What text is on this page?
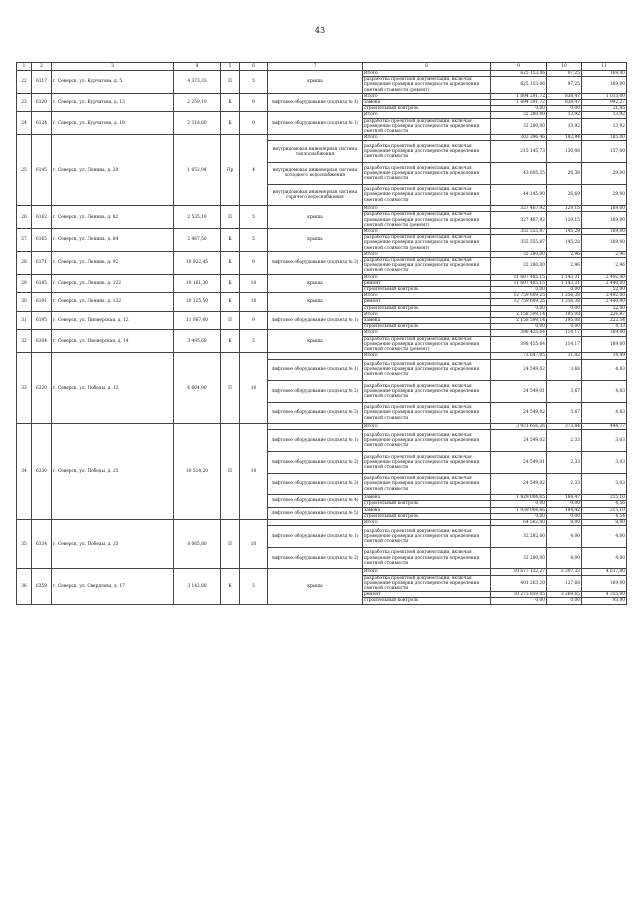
43
1	2	3	4	5	6	7	8	9	10	11
22	6117	г. Северск, ул. Курчатова, д. 5	4 373,33	П	5	крыша	Итого	625 153,06	97,25	169,00
							разработка проектной документации, включая проведение проверки достоверности определения сметной стоимости (ремонт)	625 153,06	97,25	169,00
23	6120	г. Северск, ул. Курчатова, д. 13	2 259,10	К	9	лифтовое оборудование (подъезд № 1)	Итого	1 894 291,72	838,47	1 015,00
							замена	1 894 291,72	838,47	992,27
							строительный контроль	0,00	0,00	21,85
24	6124	г. Северск, ул. Курчатова, д. 19	2 318,60	К	9	лифтовое оборудование (подъезд № 1)	Итого	32 280,00	13,92	13,92
							разработка проектной документации, включая проведение проверки достоверности определения сметной стоимости	32 280,00	13,92	13,92
25	6145	г. Северск, ул. Ленина, д. 28	1 652,94	Пр	4		Итого	302 396,46	182,94	185,00
						внутридомовая инженерная система теплоснабжения	разработка проектной документации, включая проведение проверки достоверности определения сметной стоимости	215 145,73	130,06	157,00
						внутридомовая инженерная система холодного водоснабжения	разработка проектной документации, включая проведение проверки достоверности определения сметной стоимости	43 605,35	26,36	29,00
						внутридомовая инженерная система горячего водоснабжения	разработка проектной документации, включая проведение проверки достоверности определения сметной стоимости	44 145,90	26,69	29,00
26	6162	г. Северск, ул. Ленина, д. 82	2 535,10	П	5	крыша	Итого	327 467,92	129,15	169,00
							разработка проектной документации, включая проведение проверки достоверности определения сметной стоимости (ремонт)	327 467,92	129,15	169,00
27	6165	г. Северск, ул. Ленина, д. 84	2 467,50	К	5	крыша	Итого	355 555,87	145,28	169,00
							разработка проектной документации, включая проведение проверки достоверности определения сметной стоимости (ремонт)	355 555,87	145,28	169,00
28	6171	г. Северск, ул. Ленина, д. 92	10 922,45	К	9	лифтовое оборудование (подъезд № 3)	Итого	32 280,00	2,96	2,96
							разработка проектной документации, включая проведение проверки достоверности определения сметной стоимости	32 280,00	2,96	2,96
29	6185	г. Северск, ул. Ленина, д. 122	10 161,30	К	10	крыша	Итого	11 607 485,15	1 143,31	2 492,00
							ремонт	11 607 485,15	1 143,31	2 440,00
							строительный контроль	0,00	0,00	52,00
30	6191	г. Северск, ул. Ленина, д. 132	10 125,50	К	10	крыша	Итого	12 759 609,25	1 256,38	2 492,00
							ремонт	12 759 609,25	1 256,38	2 440,00
							строительный контроль	0,00	0,00	52,00
31	6195	г. Северск, ул. Пионерская, д. 12	11 067,60	П	9	лифтовое оборудование (подъезд № 1)	Итого	2 158 599,14	195,08	226,87
							замена	2 158 599,14	195,08	222,54
							строительный контроль	0,00	0,00	4,33
32	6304	г. Северск, ул. Пионерская, д. 14	3 495,68	К	5	крыша	Итого	398 435,64	114,17	169,00
							разработка проектной документации, включая проведение проверки достоверности определения сметной стоимости (ремонт)	398 435,64	114,17	169,00
33	6320	г. Северск, ул. Победы, д. 13	6 604,90	П	10		Итого	73 647,05	11,02	14,49
						лифтовое оборудование (подъезд № 1)	разработка проектной документации, включая проведение проверки достоверности определения сметной стоимости	24 549,02	3,68	4,83
						лифтовое оборудование (подъезд № 2)	разработка проектной документации, включая проведение проверки достоверности определения сметной стоимости	24 549,01	3,67	4,83
						лифтовое оборудование (подъезд № 3)	разработка проектной документации, включая проведение проверки достоверности определения сметной стоимости	24 549,02	3,67	4,83
34	6330	г. Северск, ул. Победы, д. 23	10 514,20	П	10		Итого	3 931 656,26	373,84	444,77
						лифтовое оборудование (подъезд № 1)	разработка проектной документации, включая проведение проверки достоверности определения сметной стоимости	24 549,02	2,33	3,03
						лифтовое оборудование (подъезд № 2)	разработка проектной документации, включая проведение проверки достоверности определения сметной стоимости	24 549,01	2,33	3,03
						лифтовое оборудование (подъезд № 3)	разработка проектной документации, включая проведение проверки достоверности определения сметной стоимости	24 549,02	2,33	3,03
						лифтовое оборудование (подъезд № 4)	замена	1 929 004,65	184,47	215,10
							строительный контроль	0,00	0,00	4,56
						лифтовое оборудование (подъезд № 5)	замена	1 939 004,66	184,42	215,10
							строительный контроль	0,00	0,00	4,54
35	6334	г. Северск, ул. Победы, д. 33	8 065,80	П	10		Итого	64 562,00	8,00	8,00
						лифтовое оборудование (подъезд № 1)	разработка проектной документации, включая проведение проверки достоверности определения сметной стоимости	32 282,00	4,00	4,00
						лифтовое оборудование (подъезд № 2)	разработка проектной документации, включая проведение проверки достоверности определения сметной стоимости	32 280,00	4,00	4,00
36	6359	г. Северск, ул. Свердлова, д. 17	3 142,80	К	5	крыша	Итого	10 677 122,27	3 397,33	4 617,00
							разработка проектной документации, включая проведение проверки достоверности определения сметной стоимости	401 263,20	127,68	169,00
							ремонт	10 275 859,05	3 269,65	4 355,00
							строительный контроль	0,00	0,00	93,00
